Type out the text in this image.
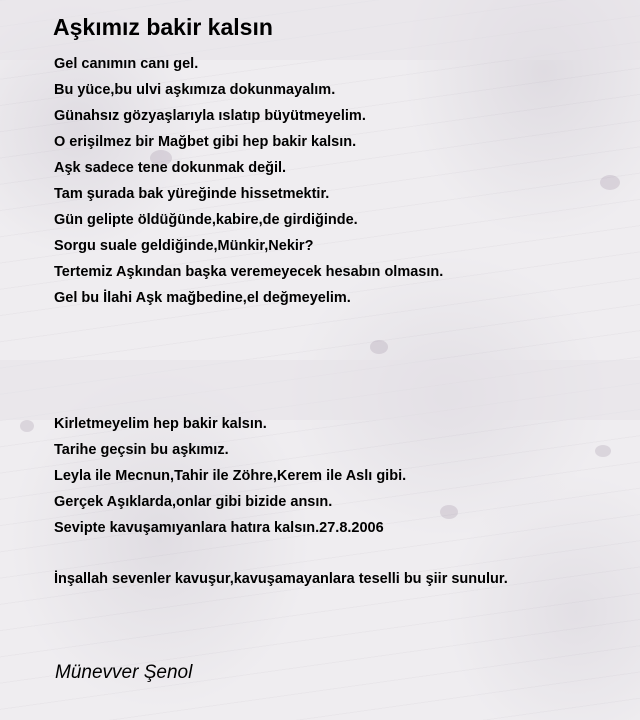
Aşkımız bakir kalsın
Gel canımın canı gel.
Bu yüce,bu ulvi aşkımıza dokunmayalım.
Günahsız gözyaşlarıyla ıslatıp büyütmeyelim.
O erişilmez bir Mağbet gibi hep bakir kalsın.
Aşk sadece tene dokunmak değil.
Tam şurada bak yüreğinde hissetmektir.
Gün gelipte öldüğünde,kabire,de girdiğinde.
Sorgu suale geldiğinde,Münkir,Nekir?
Tertemiz Aşkından başka veremeyecek hesabın olmasın.
Gel bu İlahi Aşk mağbedine,el değmeyelim.
Kirletmeyelim hep bakir kalsın.
Tarihe geçsin bu aşkımız.
Leyla ile Mecnun,Tahir ile Zöhre,Kerem ile Aslı gibi.
Gerçek Aşıklarda,onlar gibi bizide ansın.
Sevipte kavuşamıyanlara hatıra kalsın.27.8.2006
İnşallah sevenler kavuşur,kavuşamayanlara teselli bu şiir sunulur.
Münevver Şenol
